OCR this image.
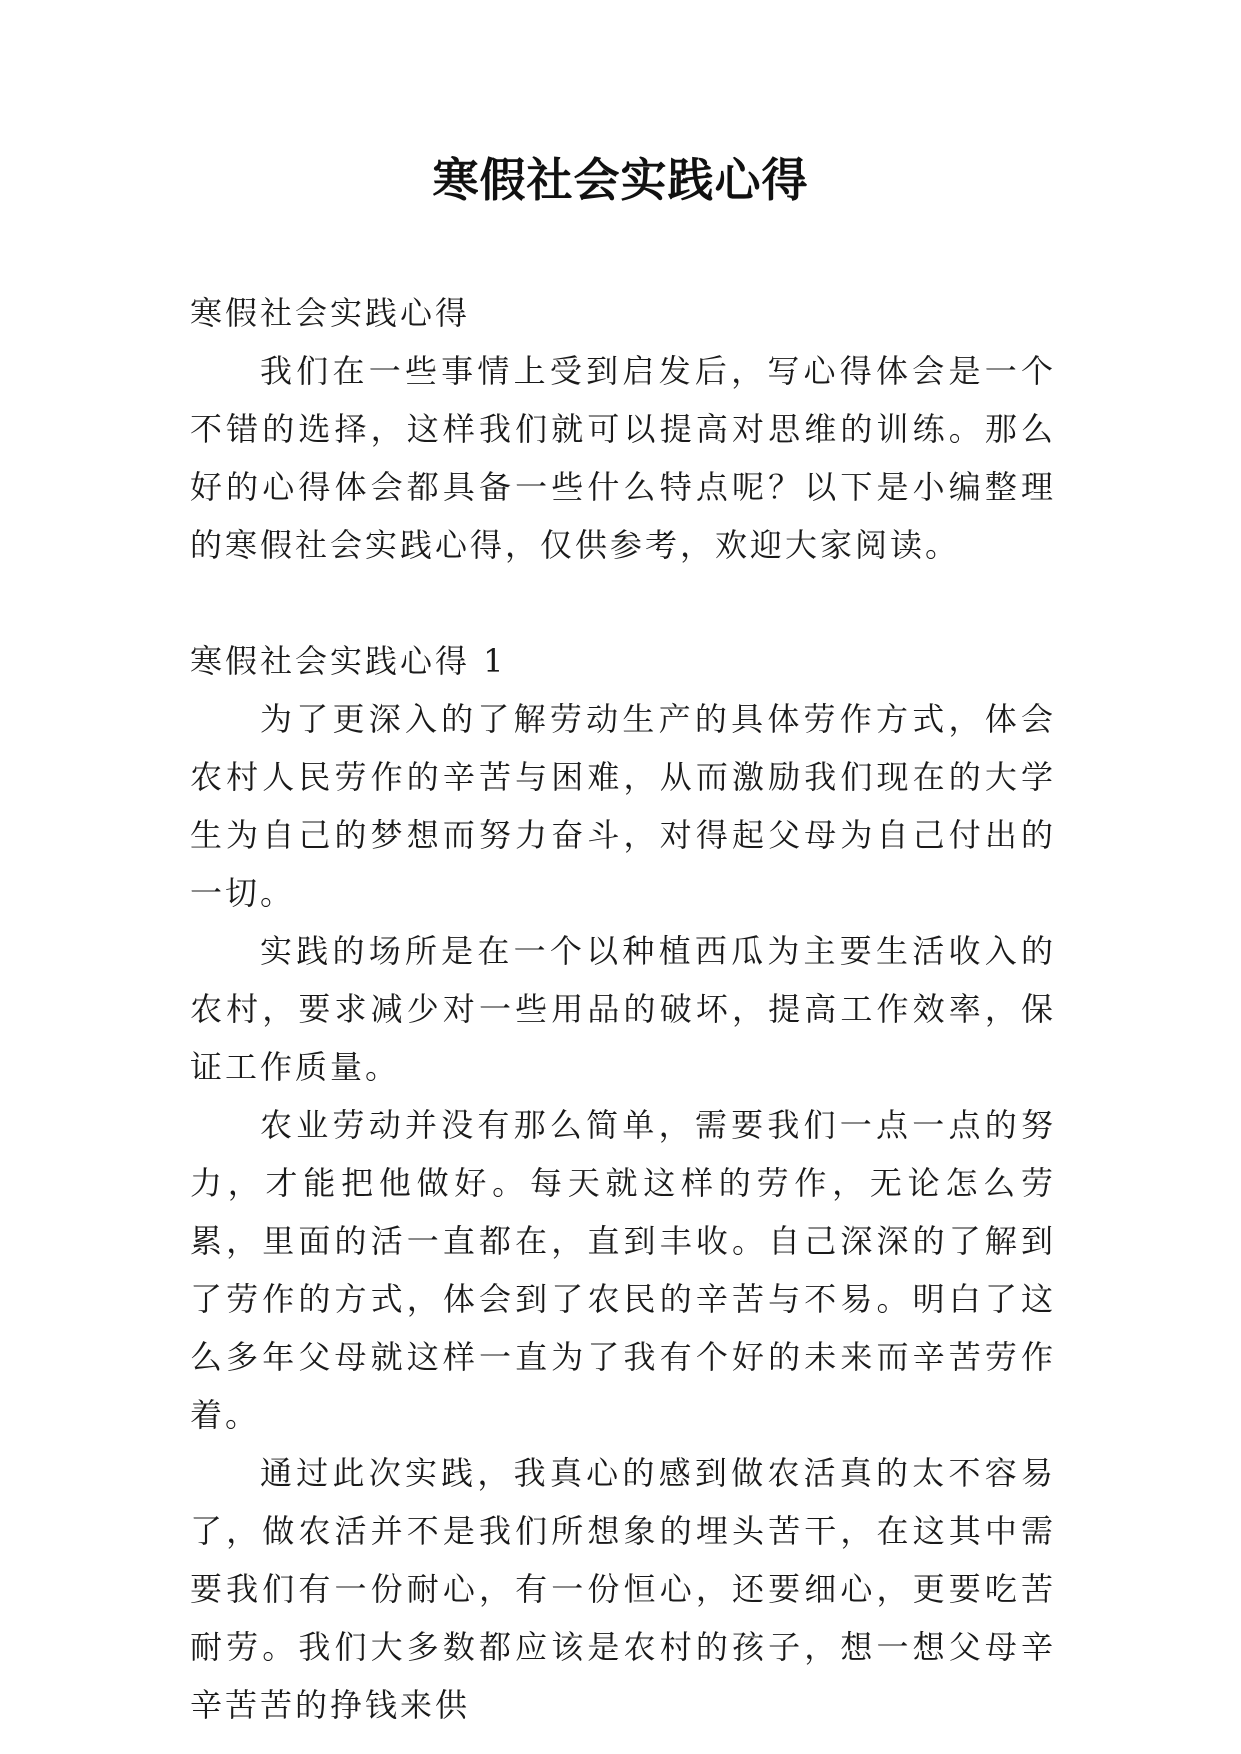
寒假社会实践心得

寒假社会实践心得

我们在一些事情上受到启发后，写心得体会是一个不错的选择，这样我们就可以提高对思维的训练。那么好的心得体会都具备一些什么特点呢？以下是小编整理的寒假社会实践心得，仅供参考，欢迎大家阅读。

寒假社会实践心得 1

为了更深入的了解劳动生产的具体劳作方式，体会农村人民劳作的辛苦与困难，从而激励我们现在的大学生为自己的梦想而努力奋斗，对得起父母为自己付出的一切。

实践的场所是在一个以种植西瓜为主要生活收入的农村，要求减少对一些用品的破坏，提高工作效率，保证工作质量。

农业劳动并没有那么简单，需要我们一点一点的努力，才能把他做好。每天就这样的劳作，无论怎么劳累，里面的活一直都在，直到丰收。自己深深的了解到了劳作的方式，体会到了农民的辛苦与不易。明白了这么多年父母就这样一直为了我有个好的未来而辛苦劳作着。

通过此次实践，我真心的感到做农活真的太不容易了，做农活并不是我们所想象的埋头苦干，在这其中需要我们有一份耐心，有一份恒心，还要细心，更要吃苦耐劳。我们大多数都应该是农村的孩子，想一想父母辛辛苦苦的挣钱来供
